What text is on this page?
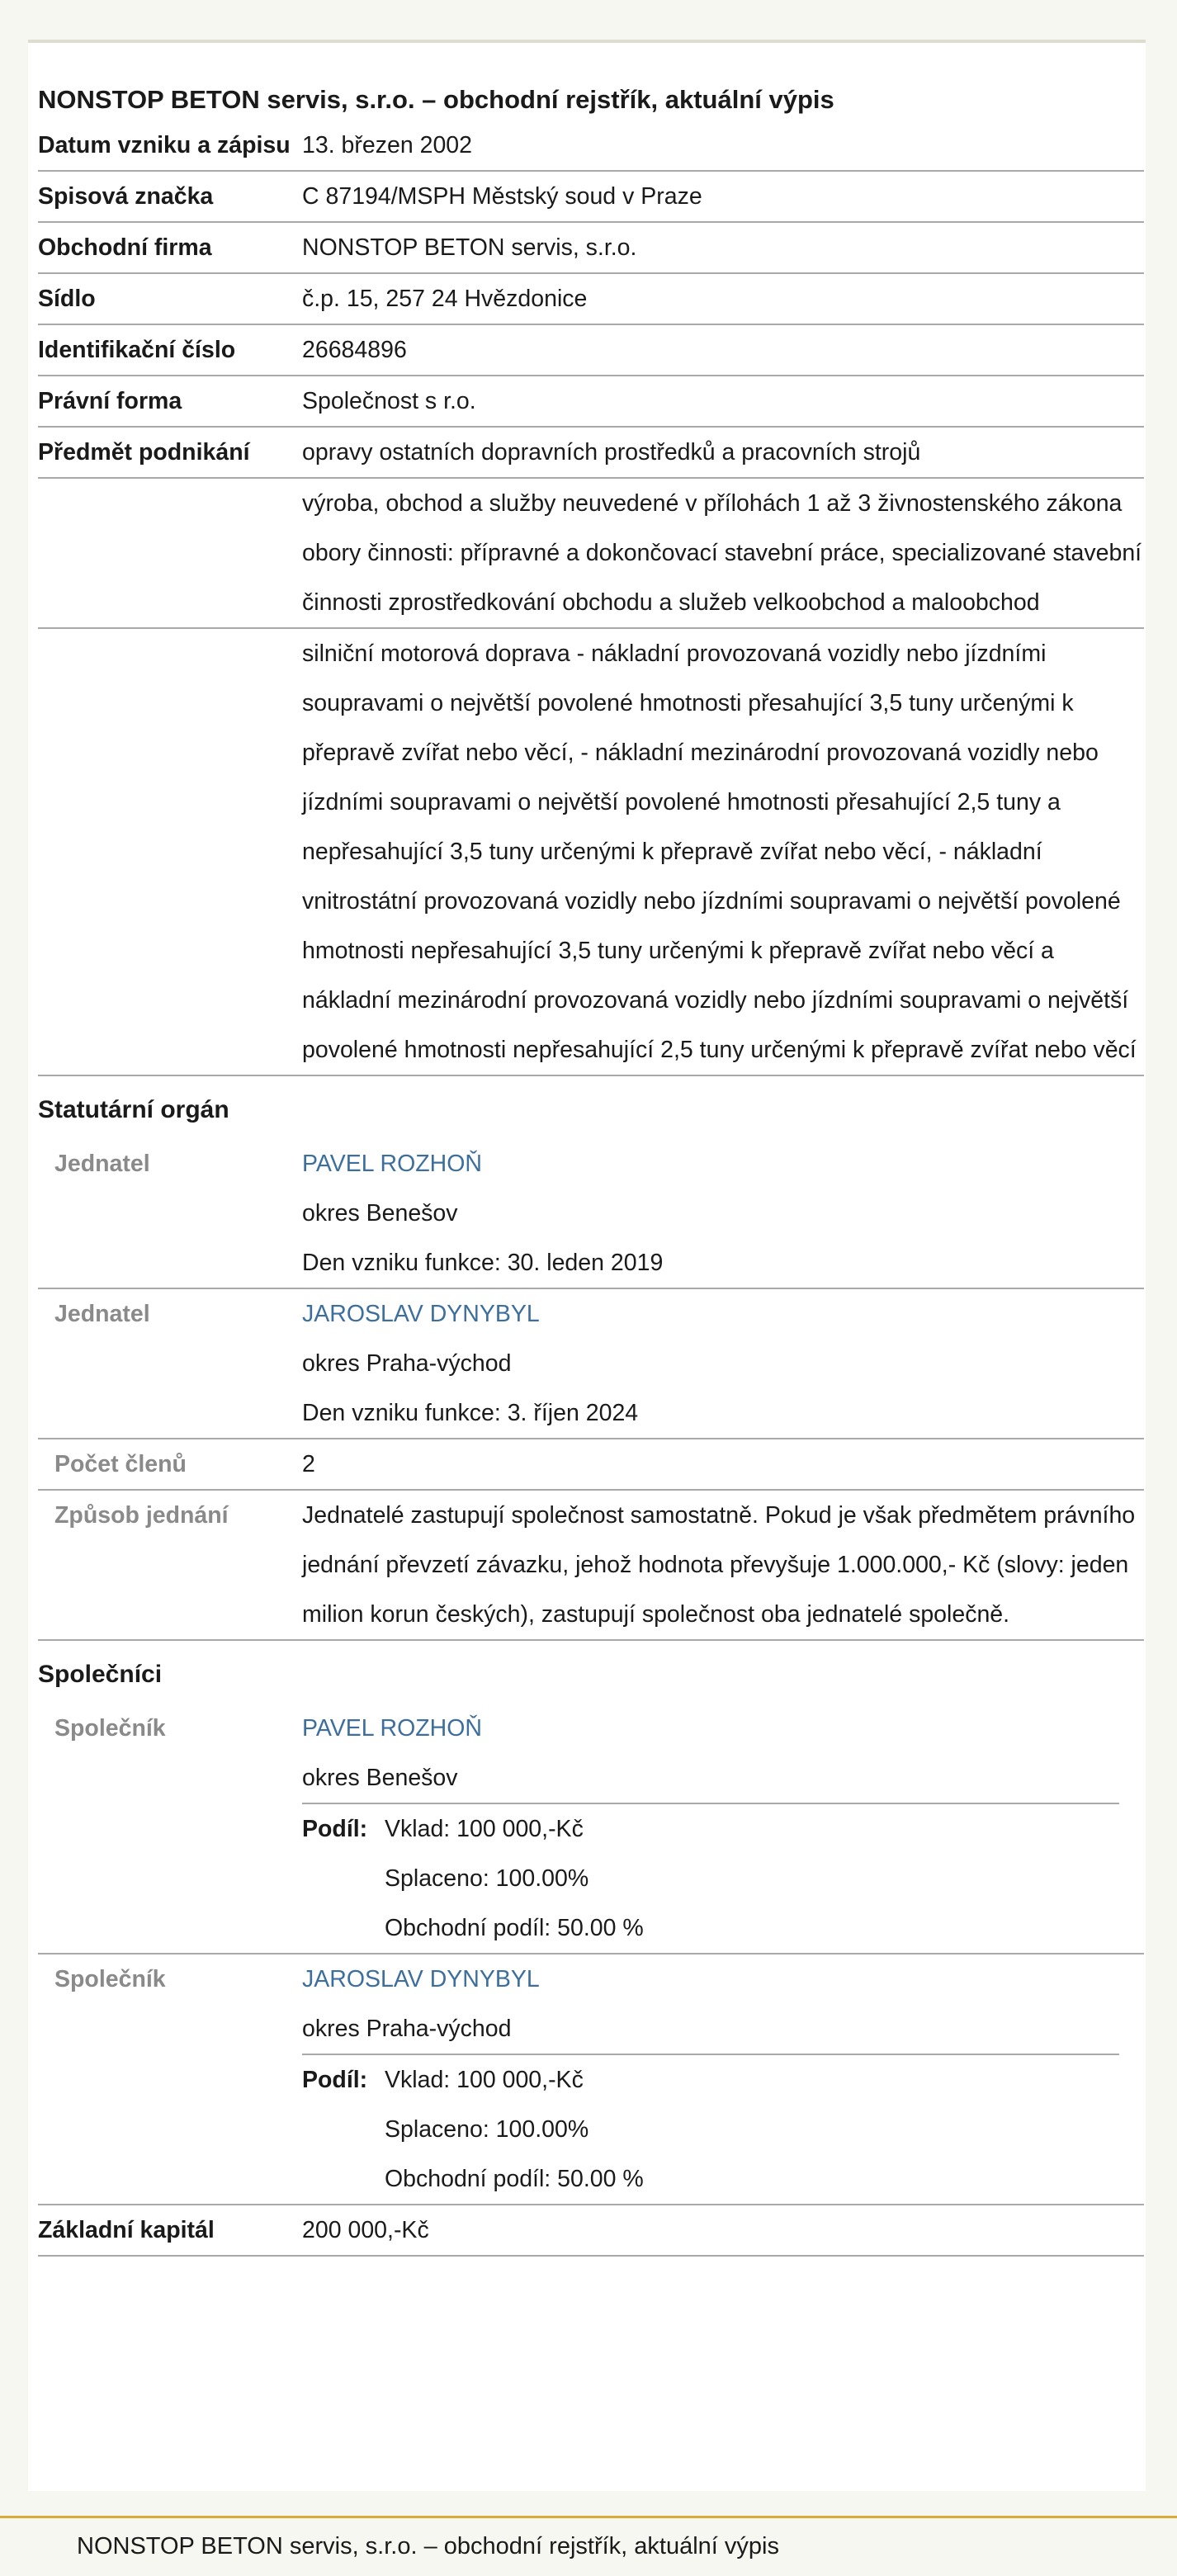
NONSTOP BETON servis, s.r.o. – obchodní rejstřík, aktuální výpis
Datum vzniku a zápisu	13. březen 2002
Spisová značka	C 87194/MSPH Městský soud v Praze
Obchodní firma	NONSTOP BETON servis, s.r.o.
Sídlo	č.p. 15, 257 24 Hvězdonice
Identifikační číslo	26684896
Právní forma	Společnost s r.o.
Předmět podnikání	opravy ostatních dopravních prostředků a pracovních strojů
	výroba, obchod a služby neuvedené v přílohách 1 až 3 živnostenského zákona obory činnosti: přípravné a dokončovací stavební práce, specializované stavební činnosti zprostředkování obchodu a služeb velkoobchod a maloobchod
	silniční motorová doprava - nákladní provozovaná vozidly nebo jízdními soupravami o největší povolené hmotnosti přesahující 3,5 tuny určenými k přepravě zvířat nebo věcí, - nákladní mezinárodní provozovaná vozidly nebo jízdními soupravami o největší povolené hmotnosti přesahující 2,5 tuny a nepřesahující 3,5 tuny určenými k přepravě zvířat nebo věcí, - nákladní vnitrostátní provozovaná vozidly nebo jízdními soupravami o největší povolené hmotnosti nepřesahující 3,5 tuny určenými k přepravě zvířat nebo věcí a nákladní mezinárodní provozovaná vozidly nebo jízdními soupravami o největší povolené hmotnosti nepřesahující 2,5 tuny určenými k přepravě zvířat nebo věcí
Statutární orgán
Jednatel	PAVEL ROZHOŇ
okres Benešov
Den vzniku funkce: 30. leden 2019

Jednatel	JAROSLAV DYNYBYL
okres Praha-východ
Den vzniku funkce: 3. říjen 2024

Počet členů	2
Způsob jednání	Jednatelé zastupují společnost samostatně. Pokud je však předmětem právního jednání převzetí závazku, jehož hodnota převyšuje 1.000.000,- Kč (slovy: jeden milion korun českých), zastupují společnost oba jednatelé společně.
Společníci
Společník	PAVEL ROZHOŇ
okres Benešov
Podíl:	Vklad: 100 000,-Kč
	Splaceno: 100.00%
	Obchodní podíl: 50.00 %

Společník	JAROSLAV DYNYBYL
okres Praha-východ
Podíl:	Vklad: 100 000,-Kč
	Splaceno: 100.00%
	Obchodní podíl: 50.00 %

Základní kapitál	200 000,-Kč
NONSTOP BETON servis, s.r.o. – obchodní rejstřík, aktuální výpis
